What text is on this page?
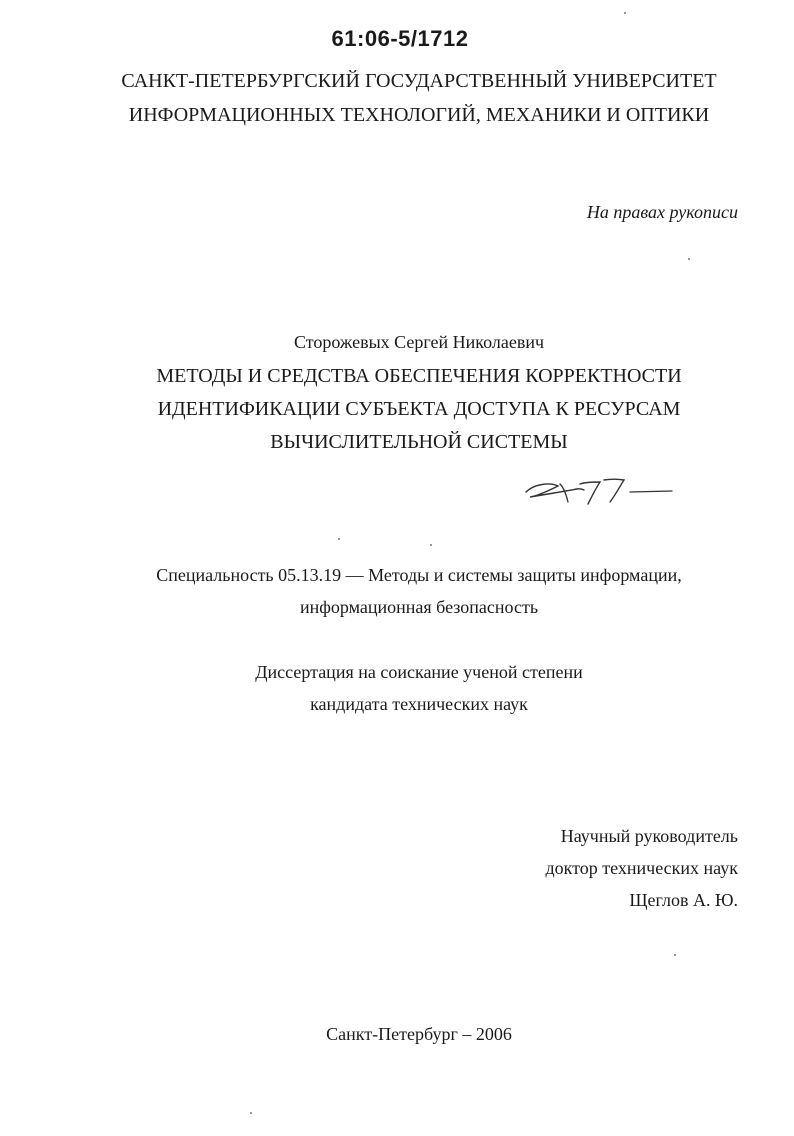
61:06-5/1712
САНКТ-ПЕТЕРБУРГСКИЙ ГОСУДАРСТВЕННЫЙ УНИВЕРСИТЕТ
ИНФОРМАЦИОННЫХ ТЕХНОЛОГИЙ, МЕХАНИКИ И ОПТИКИ
На правах рукописи
Сторожевых Сергей Николаевич
МЕТОДЫ И СРЕДСТВА ОБЕСПЕЧЕНИЯ КОРРЕКТНОСТИ
ИДЕНТИФИКАЦИИ СУБЪЕКТА ДОСТУПА К РЕСУРСАМ
ВЫЧИСЛИТЕЛЬНОЙ СИСТЕМЫ
Специальность 05.13.19 — Методы и системы защиты информации,
информационная безопасность
Диссертация на соискание ученой степени
кандидата технических наук
Научный руководитель
доктор технических наук
Щеглов А. Ю.
Санкт-Петербург – 2006
